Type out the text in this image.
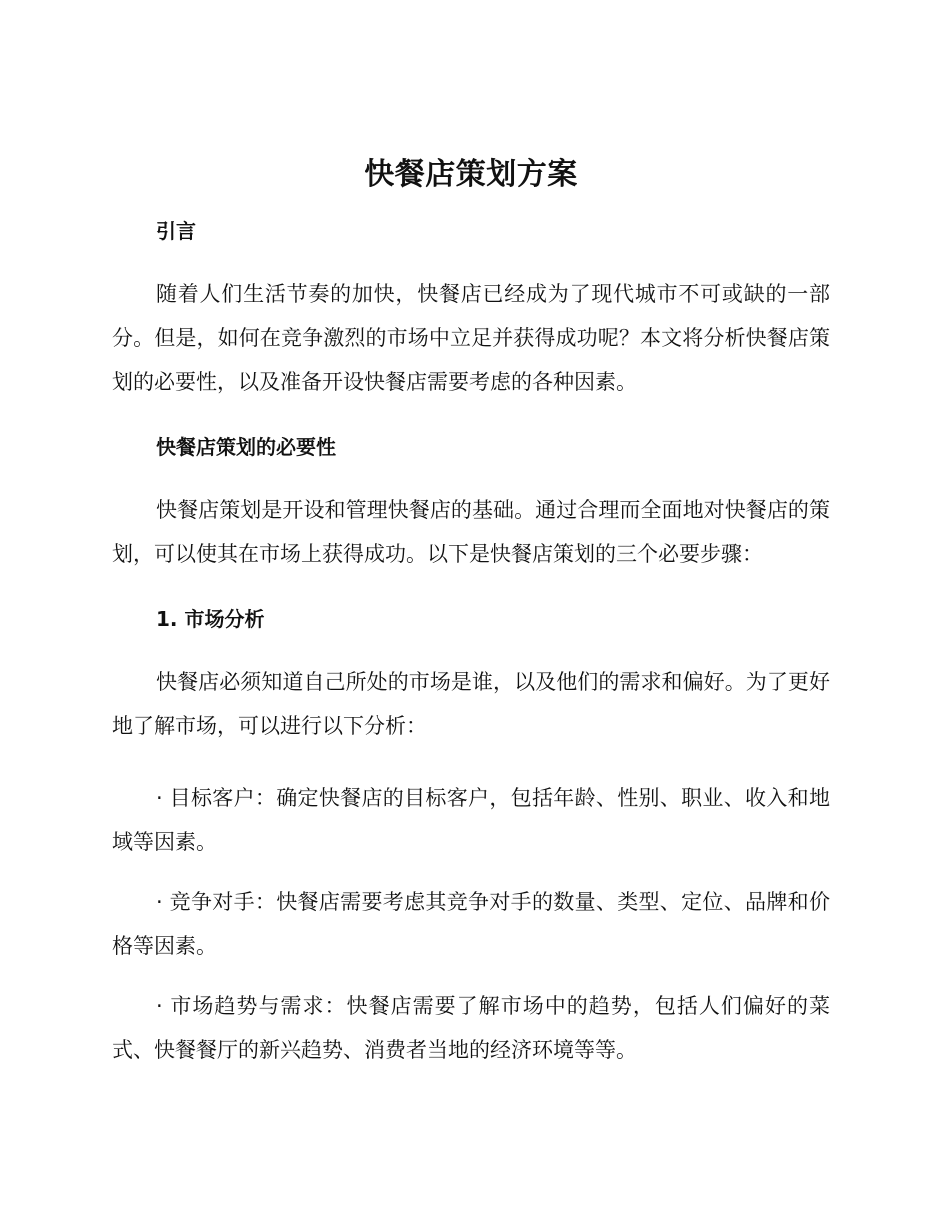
快餐店策划方案
引言

随着人们生活节奏的加快，快餐店已经成为了现代城市不可或缺的一部分。但是，如何在竞争激烈的市场中立足并获得成功呢？本文将分析快餐店策划的必要性，以及准备开设快餐店需要考虑的各种因素。

快餐店策划的必要性

快餐店策划是开设和管理快餐店的基础。通过合理而全面地对快餐店的策划，可以使其在市场上获得成功。以下是快餐店策划的三个必要步骤：

1. 市场分析

快餐店必须知道自己所处的市场是谁，以及他们的需求和偏好。为了更好地了解市场，可以进行以下分析：

· 目标客户：确定快餐店的目标客户，包括年龄、性别、职业、收入和地域等因素。

· 竞争对手：快餐店需要考虑其竞争对手的数量、类型、定位、品牌和价格等因素。

· 市场趋势与需求：快餐店需要了解市场中的趋势，包括人们偏好的菜式、快餐餐厅的新兴趋势、消费者当地的经济环境等等。
